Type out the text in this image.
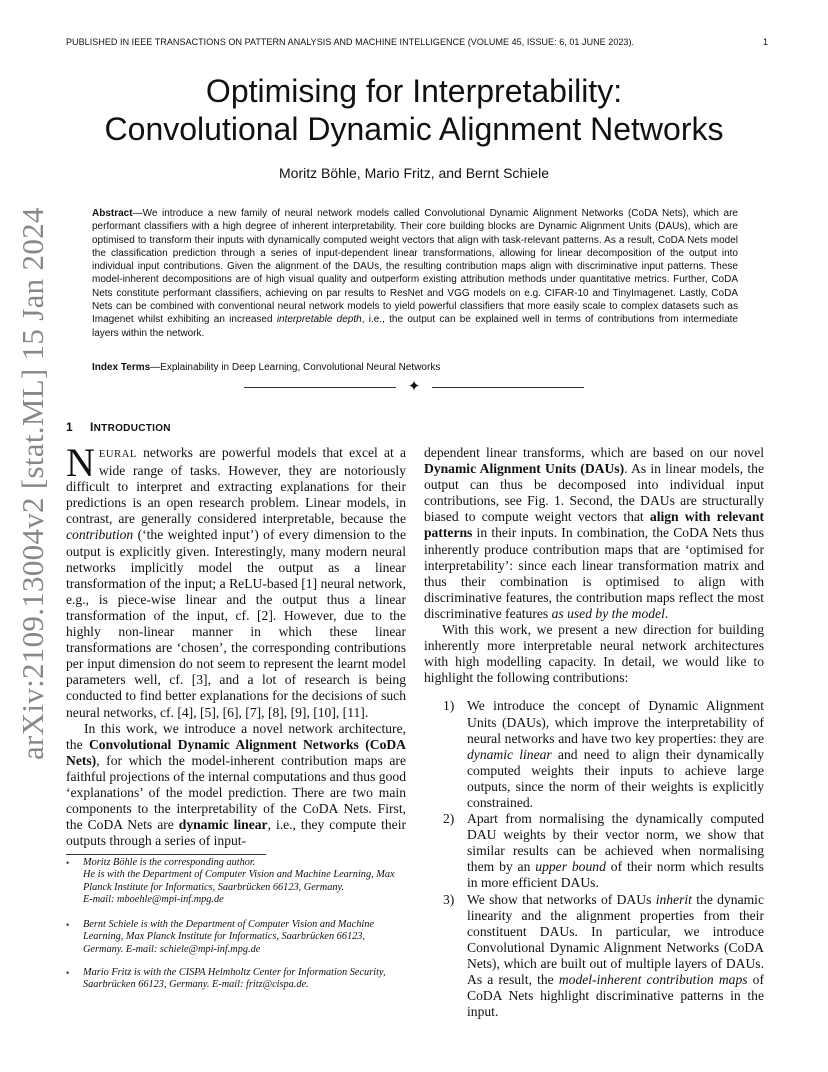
PUBLISHED IN IEEE TRANSACTIONS ON PATTERN ANALYSIS AND MACHINE INTELLIGENCE (VOLUME 45, ISSUE: 6, 01 JUNE 2023).	1
Optimising for Interpretability:
Convolutional Dynamic Alignment Networks
Moritz Böhle, Mario Fritz, and Bernt Schiele
Abstract—We introduce a new family of neural network models called Convolutional Dynamic Alignment Networks (CoDA Nets), which are performant classifiers with a high degree of inherent interpretability. Their core building blocks are Dynamic Alignment Units (DAUs), which are optimised to transform their inputs with dynamically computed weight vectors that align with task-relevant patterns. As a result, CoDA Nets model the classification prediction through a series of input-dependent linear transformations, allowing for linear decomposition of the output into individual input contributions. Given the alignment of the DAUs, the resulting contribution maps align with discriminative input patterns. These model-inherent decompositions are of high visual quality and outperform existing attribution methods under quantitative metrics. Further, CoDA Nets constitute performant classifiers, achieving on par results to ResNet and VGG models on e.g. CIFAR-10 and TinyImagenet. Lastly, CoDA Nets can be combined with conventional neural network models to yield powerful classifiers that more easily scale to complex datasets such as Imagenet whilst exhibiting an increased interpretable depth, i.e., the output can be explained well in terms of contributions from intermediate layers within the network.
Index Terms—Explainability in Deep Learning, Convolutional Neural Networks
✦
1 INTRODUCTION

NEURAL networks are powerful models that excel at a wide range of tasks. However, they are notoriously difficult to interpret and extracting explanations for their predictions is an open research problem. Linear models, in contrast, are generally considered interpretable, because the contribution (‘the weighted input’) of every dimension to the output is explicitly given. Interestingly, many modern neural networks implicitly model the output as a linear transformation of the input; a ReLU-based [1] neural network, e.g., is piece-wise linear and the output thus a linear transformation of the input, cf. [2]. However, due to the highly non-linear manner in which these linear transformations are ‘chosen’, the corresponding contributions per input dimension do not seem to represent the learnt model parameters well, cf. [3], and a lot of research is being conducted to find better explanations for the decisions of such neural networks, cf. [4], [5], [6], [7], [8], [9], [10], [11].

In this work, we introduce a novel network architecture, the Convolutional Dynamic Alignment Networks (CoDA Nets), for which the model-inherent contribution maps are faithful projections of the internal computations and thus good ‘explanations’ of the model prediction. There are two main components to the interpretability of the CoDA Nets. First, the CoDA Nets are dynamic linear, i.e., they compute their outputs through a series of input-

• Moritz Böhle is the corresponding author.

He is with the Department of Computer Vision and Machine Learning, Max Planck Institute for Informatics, Saarbrücken 66123, Germany.

E-mail: mboehle@mpi-inf.mpg.de

• Bernt Schiele is with the Department of Computer Vision and Machine Learning, Max Planck Institute for Informatics, Saarbrücken 66123, Germany. E-mail: schiele@mpi-inf.mpg.de

• Mario Fritz is with the CISPA Helmholtz Center for Information Security, Saarbrücken 66123, Germany. E-mail: fritz@cispa.de.

dependent linear transforms, which are based on our novel Dynamic Alignment Units (DAUs). As in linear models, the output can thus be decomposed into individual input contributions, see Fig. 1. Second, the DAUs are structurally biased to compute weight vectors that align with relevant patterns in their inputs. In combination, the CoDA Nets thus inherently produce contribution maps that are ‘optimised for interpretability’: since each linear transformation matrix and thus their combination is optimised to align with discriminative features, the contribution maps reflect the most discriminative features as used by the model.

With this work, we present a new direction for building inherently more interpretable neural network architectures with high modelling capacity. In detail, we would like to highlight the following contributions:

1) We introduce the concept of Dynamic Alignment Units (DAUs), which improve the interpretability of neural networks and have two key properties: they are dynamic linear and need to align their dynamically computed weights their inputs to achieve large outputs, since the norm of their weights is explicitly constrained.
2) Apart from normalising the dynamically computed DAU weights by their vector norm, we show that similar results can be achieved when normalising them by an upper bound of their norm which results in more efficient DAUs.
3) We show that networks of DAUs inherit the dynamic linearity and the alignment properties from their constituent DAUs. In particular, we introduce Convolutional Dynamic Alignment Networks (CoDA Nets), which are built out of multiple layers of DAUs. As a result, the model-inherent contribution maps of CoDA Nets highlight discriminative patterns in the input.
arXiv:2109.13004v2 [stat.ML] 15 Jan 2024
